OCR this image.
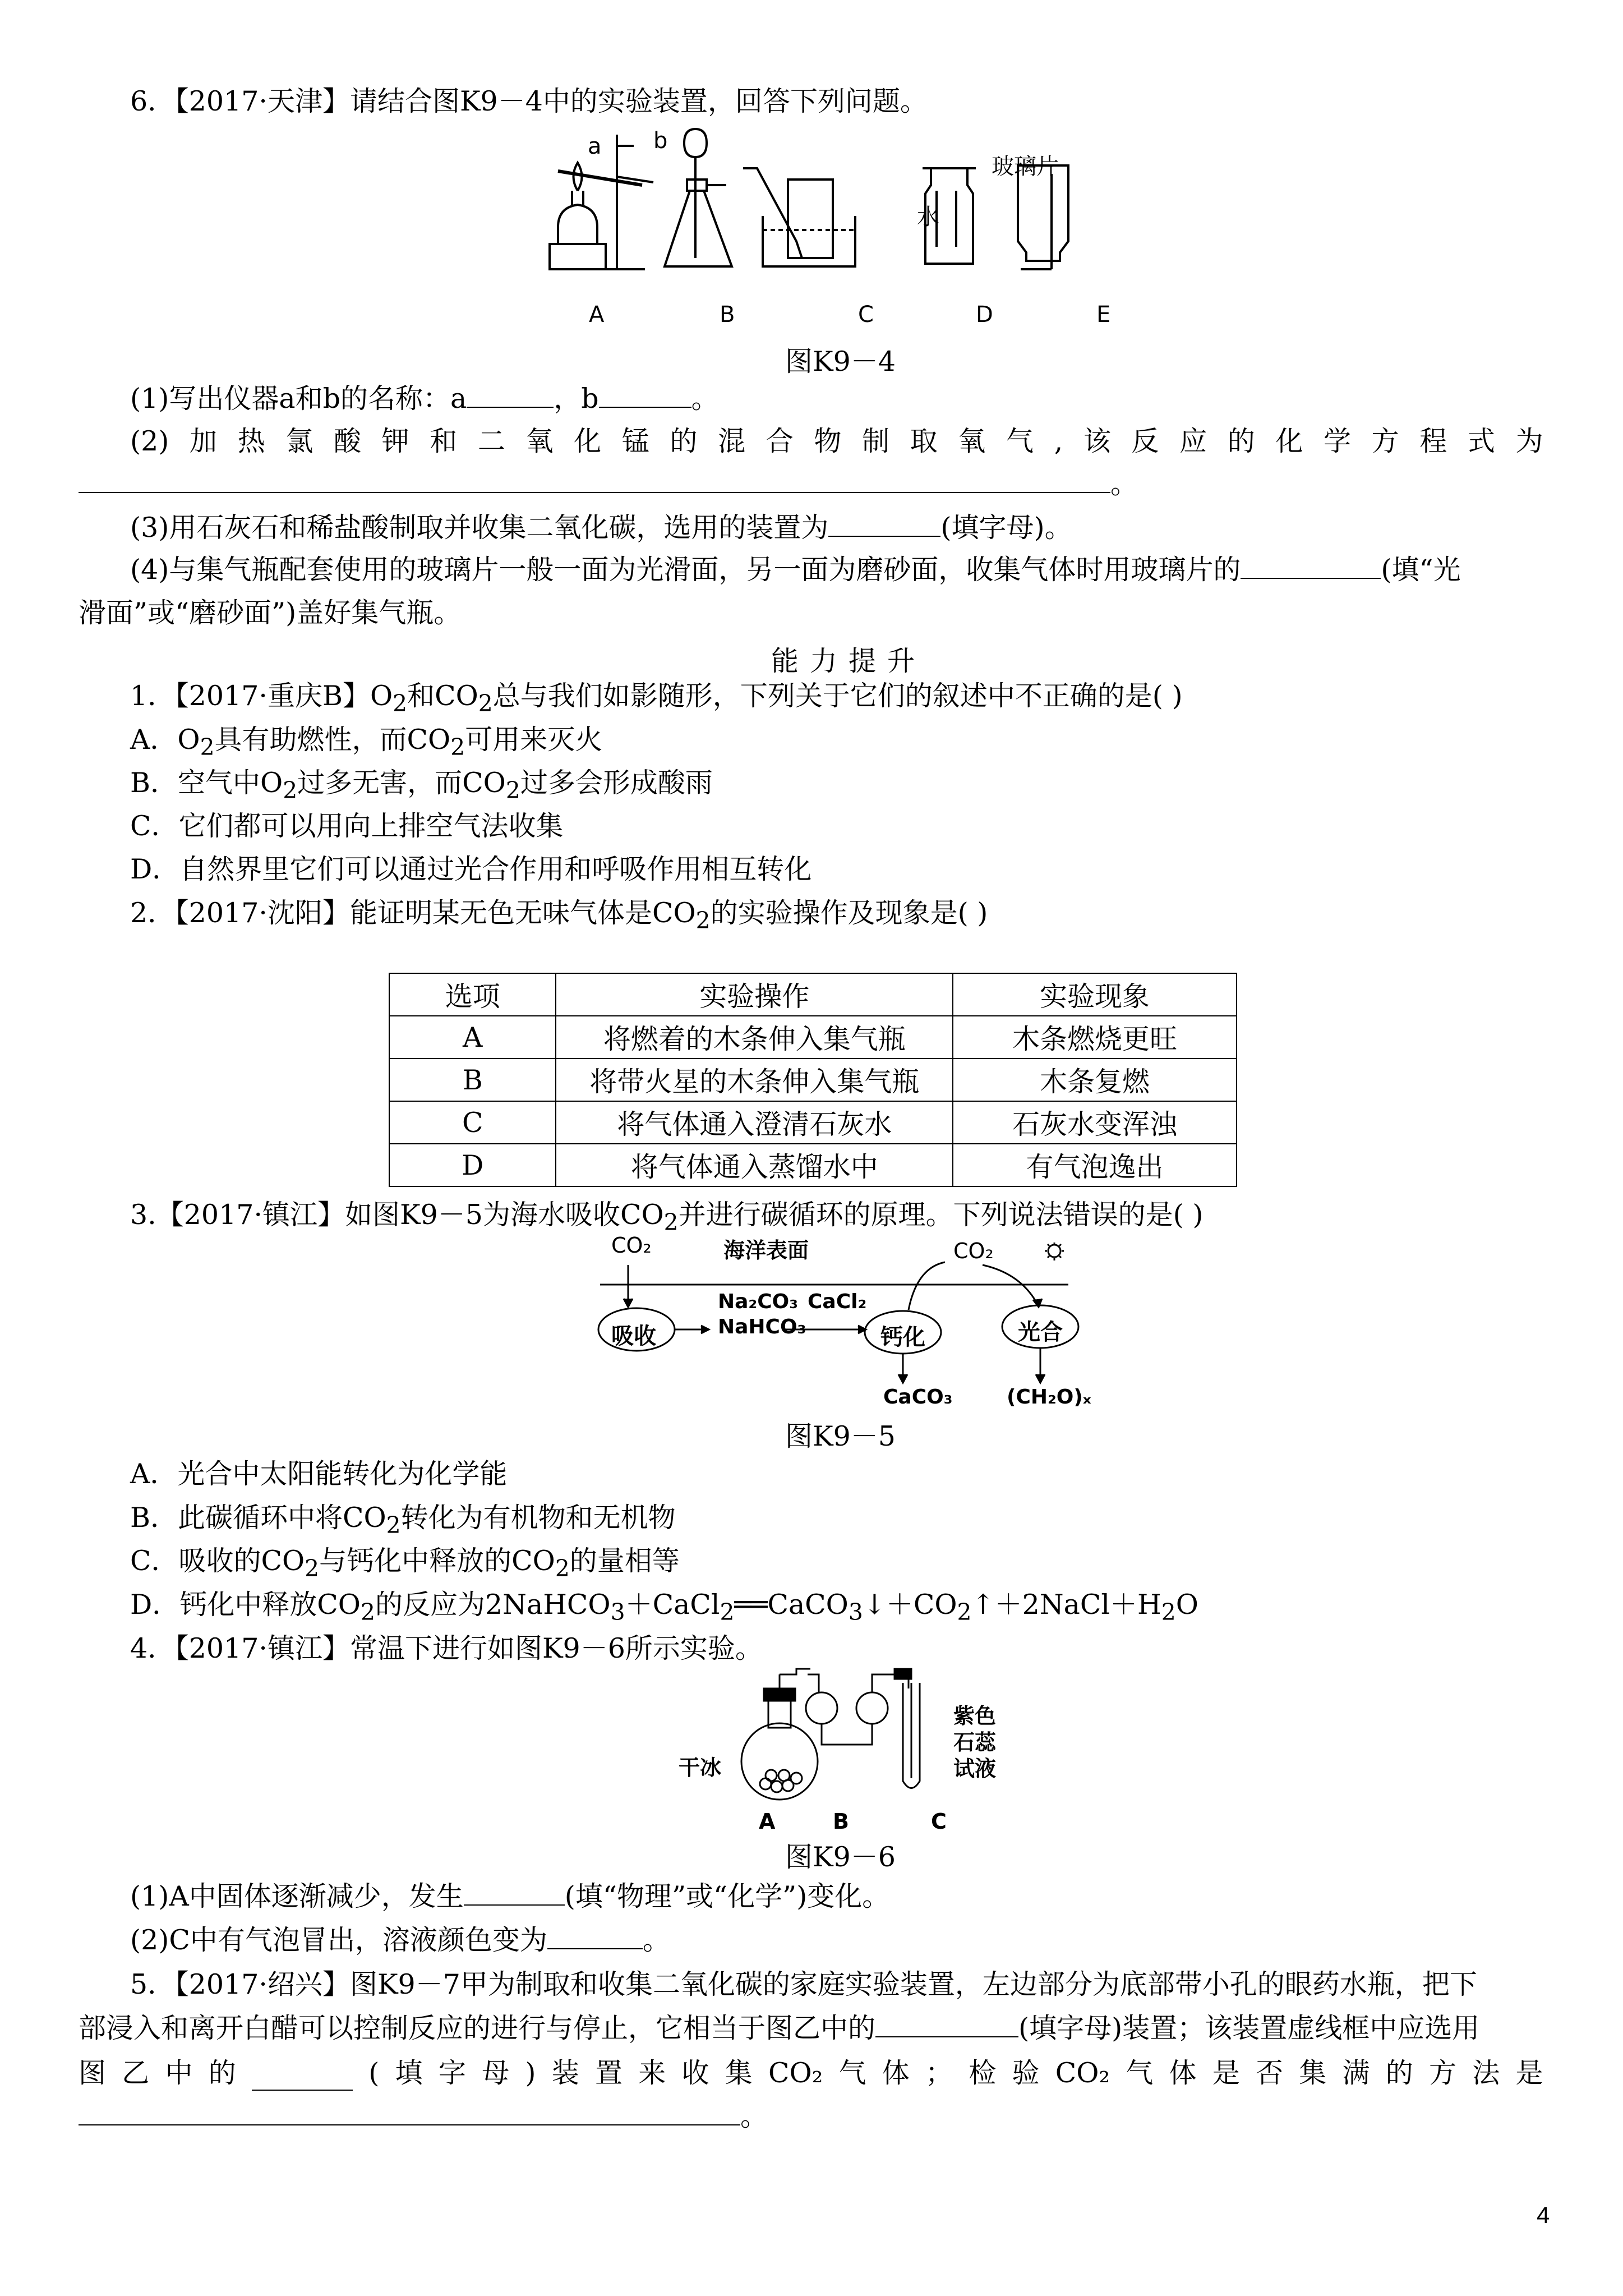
6．【2017·天津】请结合图K9－4中的实验装置，回答下列问题。
a b
水
玻璃片
A	B	C	D	E
图K9－4
(1)写出仪器a和b的名称：a	，b	。
(2) 加 热 氯 酸 钾 和 二 氧 化 锰 的 混 合 物 制 取 氧 气 , 该 反 应 的 化 学 方 程 式 为
。
(3)用石灰石和稀盐酸制取并收集二氧化碳，选用的装置为	(填字母)。
(4)与集气瓶配套使用的玻璃片一般一面为光滑面，另一面为磨砂面，收集气体时用玻璃片的	(填“光
滑面”或“磨砂面”)盖好集气瓶。
能力提升
1．【2017·重庆B】$O_2$和$CO_2$总与我们如影随形，下列关于它们的叙述中不正确的是( )
A．$O_2$具有助燃性，而$CO_2$可用来灭火
B．空气中$O_2$过多无害，而$CO_2$过多会形成酸雨
C．它们都可以用向上排空气法收集
D．自然界里它们可以通过光合作用和呼吸作用相互转化
2．【2017·沈阳】能证明某无色无味气体是$CO_2$的实验操作及现象是( )
选项	实验操作	实验现象
A	将燃着的木条伸入集气瓶	木条燃烧更旺
B	将带火星的木条伸入集气瓶	木条复燃
C	将气体通入澄清石灰水	石灰水变浑浊
D	将气体通入蒸馏水中	有气泡逸出
3.【2017·镇江】如图K9－5为海水吸收$CO_2$并进行碳循环的原理。下列说法错误的是( )
CO₂	海洋表面	CO₂
吸收
Na₂CO₃
NaHCO₃
CaCl₂
钙化	光合
CaCO₃	(CH₂O)ₓ
图K9－5
A．光合中太阳能转化为化学能
B．此碳循环中将$CO_2$转化为有机物和无机物
C．吸收的$CO_2$与钙化中释放的$CO_2$的量相等
D．钙化中释放$CO_2$的反应为$2NaHCO_3+CaCl_2══CaCO_3↓+CO_2↑+2NaCl+H_2O$
4．【2017·镇江】常温下进行如图K9－6所示实验。
干冰
紫色
石蕊
试液
A	B	C
图K9－6
(1)A中固体逐渐减少，发生	(填“物理”或“化学”)变化。
(2)C中有气泡冒出，溶液颜色变为	。
5．【2017·绍兴】图K9－7甲为制取和收集二氧化碳的家庭实验装置，左边部分为底部带小孔的眼药水瓶，把下
部浸入和离开白醋可以控制反应的进行与停止，它相当于图乙中的	(填字母)装置；该装置虚线框中应选用
图 乙 中 的	( 填 字 母 ) 装 置 来 收 集 CO₂ 气 体 ； 检 验 CO₂ 气 体 是 否 集 满 的 方 法 是
。
4
